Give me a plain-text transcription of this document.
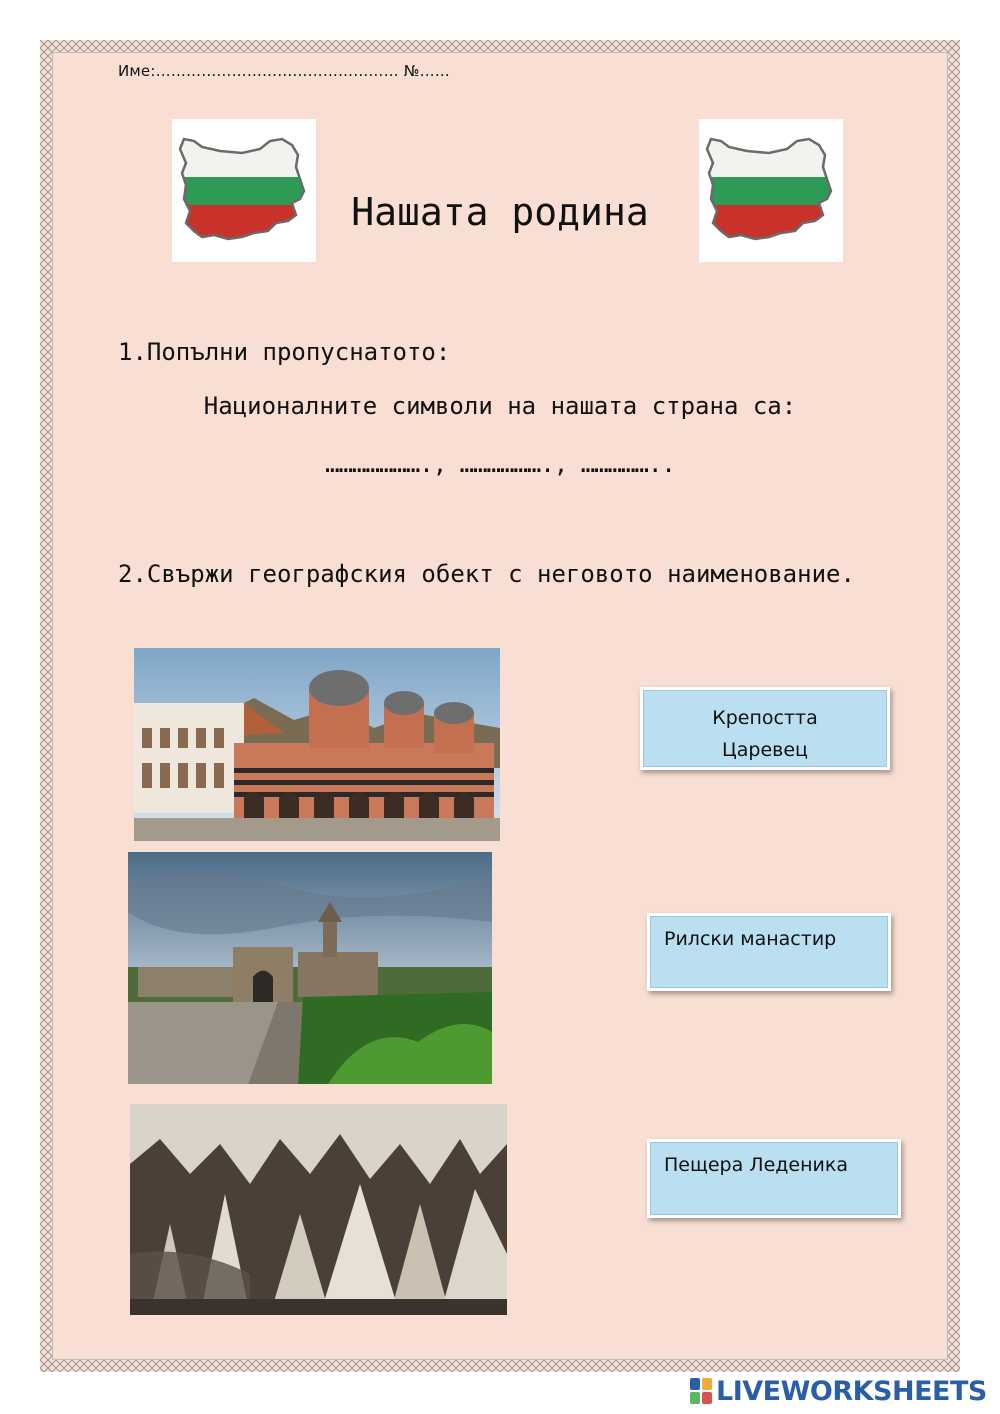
Име:………………………………………… №……
Нашата родина
1.Попълни пропуснатото:
Националните символи на нашата страна са:
…………………., ………………., ……………..
2.Свържи географския обект с неговото наименование.
Крепостта
Царевец
Рилски манастир
Пещера Леденика
LIVEWORKSHEETS
